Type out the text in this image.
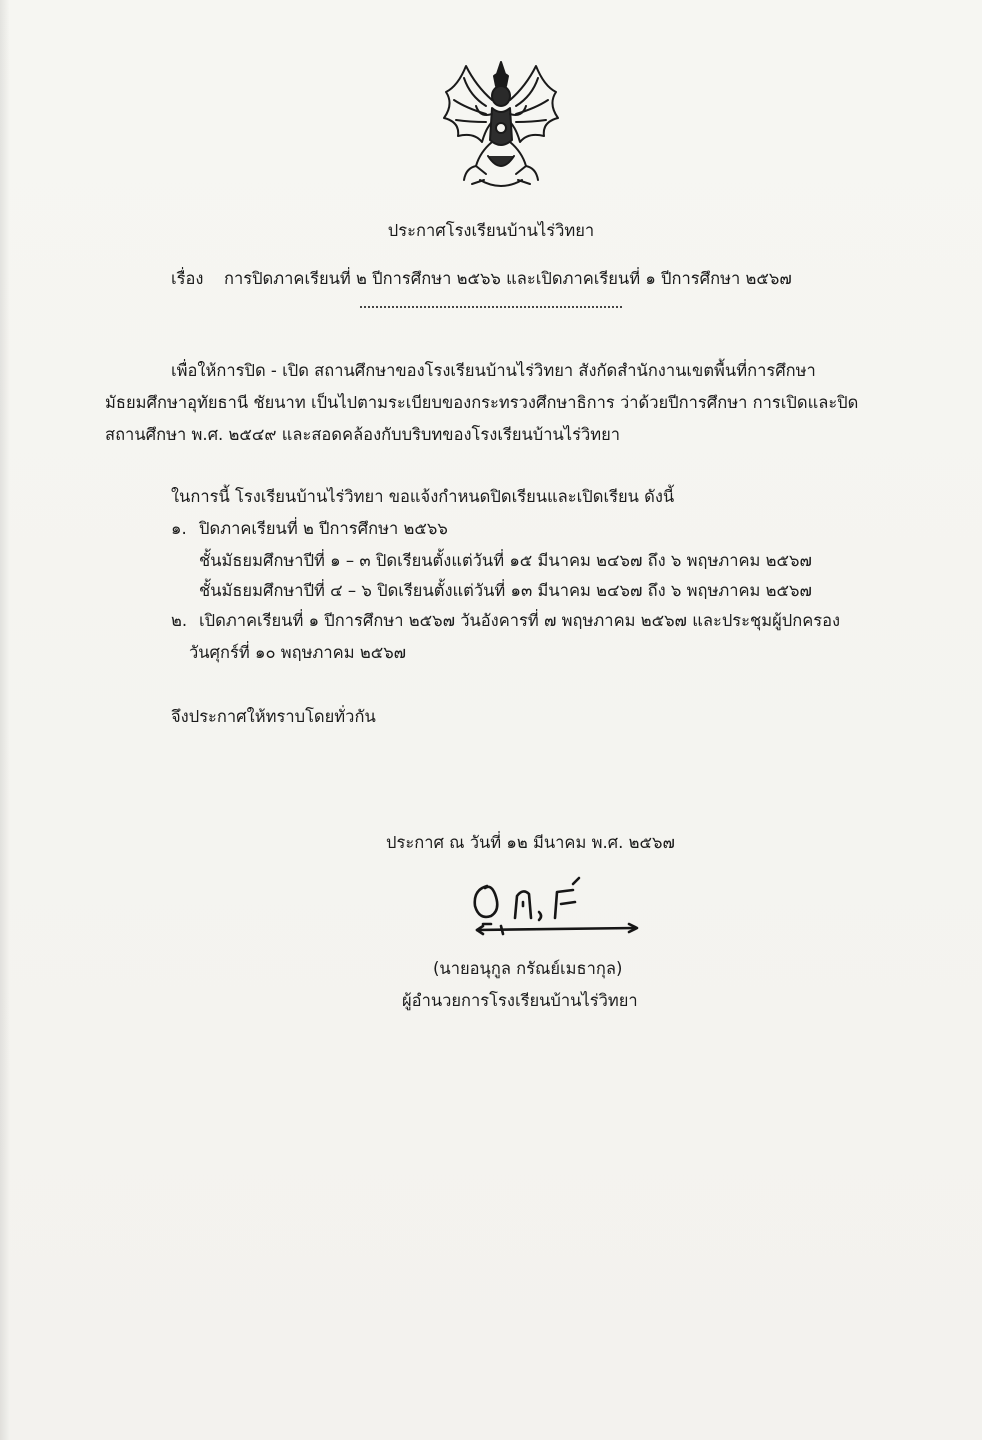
ประกาศโรงเรียนบ้านไร่วิทยา
เรื่อง การปิดภาคเรียนที่ ๒ ปีการศึกษา ๒๕๖๖ และเปิดภาคเรียนที่ ๑ ปีการศึกษา ๒๕๖๗
เพื่อให้การปิด - เปิด สถานศึกษาของโรงเรียนบ้านไร่วิทยา สังกัดสำนักงานเขตพื้นที่การศึกษา
มัธยมศึกษาอุทัยธานี ชัยนาท เป็นไปตามระเบียบของกระทรวงศึกษาธิการ ว่าด้วยปีการศึกษา การเปิดและปิด
สถานศึกษา พ.ศ. ๒๕๔๙ และสอดคล้องกับบริบทของโรงเรียนบ้านไร่วิทยา
ในการนี้ โรงเรียนบ้านไร่วิทยา ขอแจ้งกำหนดปิดเรียนและเปิดเรียน ดังนี้
๑. ปิดภาคเรียนที่ ๒ ปีการศึกษา ๒๕๖๖
ชั้นมัธยมศึกษาปีที่ ๑ – ๓ ปิดเรียนตั้งแต่วันที่ ๑๕ มีนาคม ๒๔๖๗ ถึง ๖ พฤษภาคม ๒๕๖๗
ชั้นมัธยมศึกษาปีที่ ๔ – ๖ ปิดเรียนตั้งแต่วันที่ ๑๓ มีนาคม ๒๔๖๗ ถึง ๖ พฤษภาคม ๒๕๖๗
๒. เปิดภาคเรียนที่ ๑ ปีการศึกษา ๒๕๖๗ วันอังคารที่ ๗ พฤษภาคม ๒๕๖๗ และประชุมผู้ปกครอง
วันศุกร์ที่ ๑๐ พฤษภาคม ๒๕๖๗
จึงประกาศให้ทราบโดยทั่วกัน
ประกาศ ณ วันที่ ๑๒ มีนาคม พ.ศ. ๒๕๖๗
(นายอนุกูล กรัณย์เมธากุล)
ผู้อำนวยการโรงเรียนบ้านไร่วิทยา
